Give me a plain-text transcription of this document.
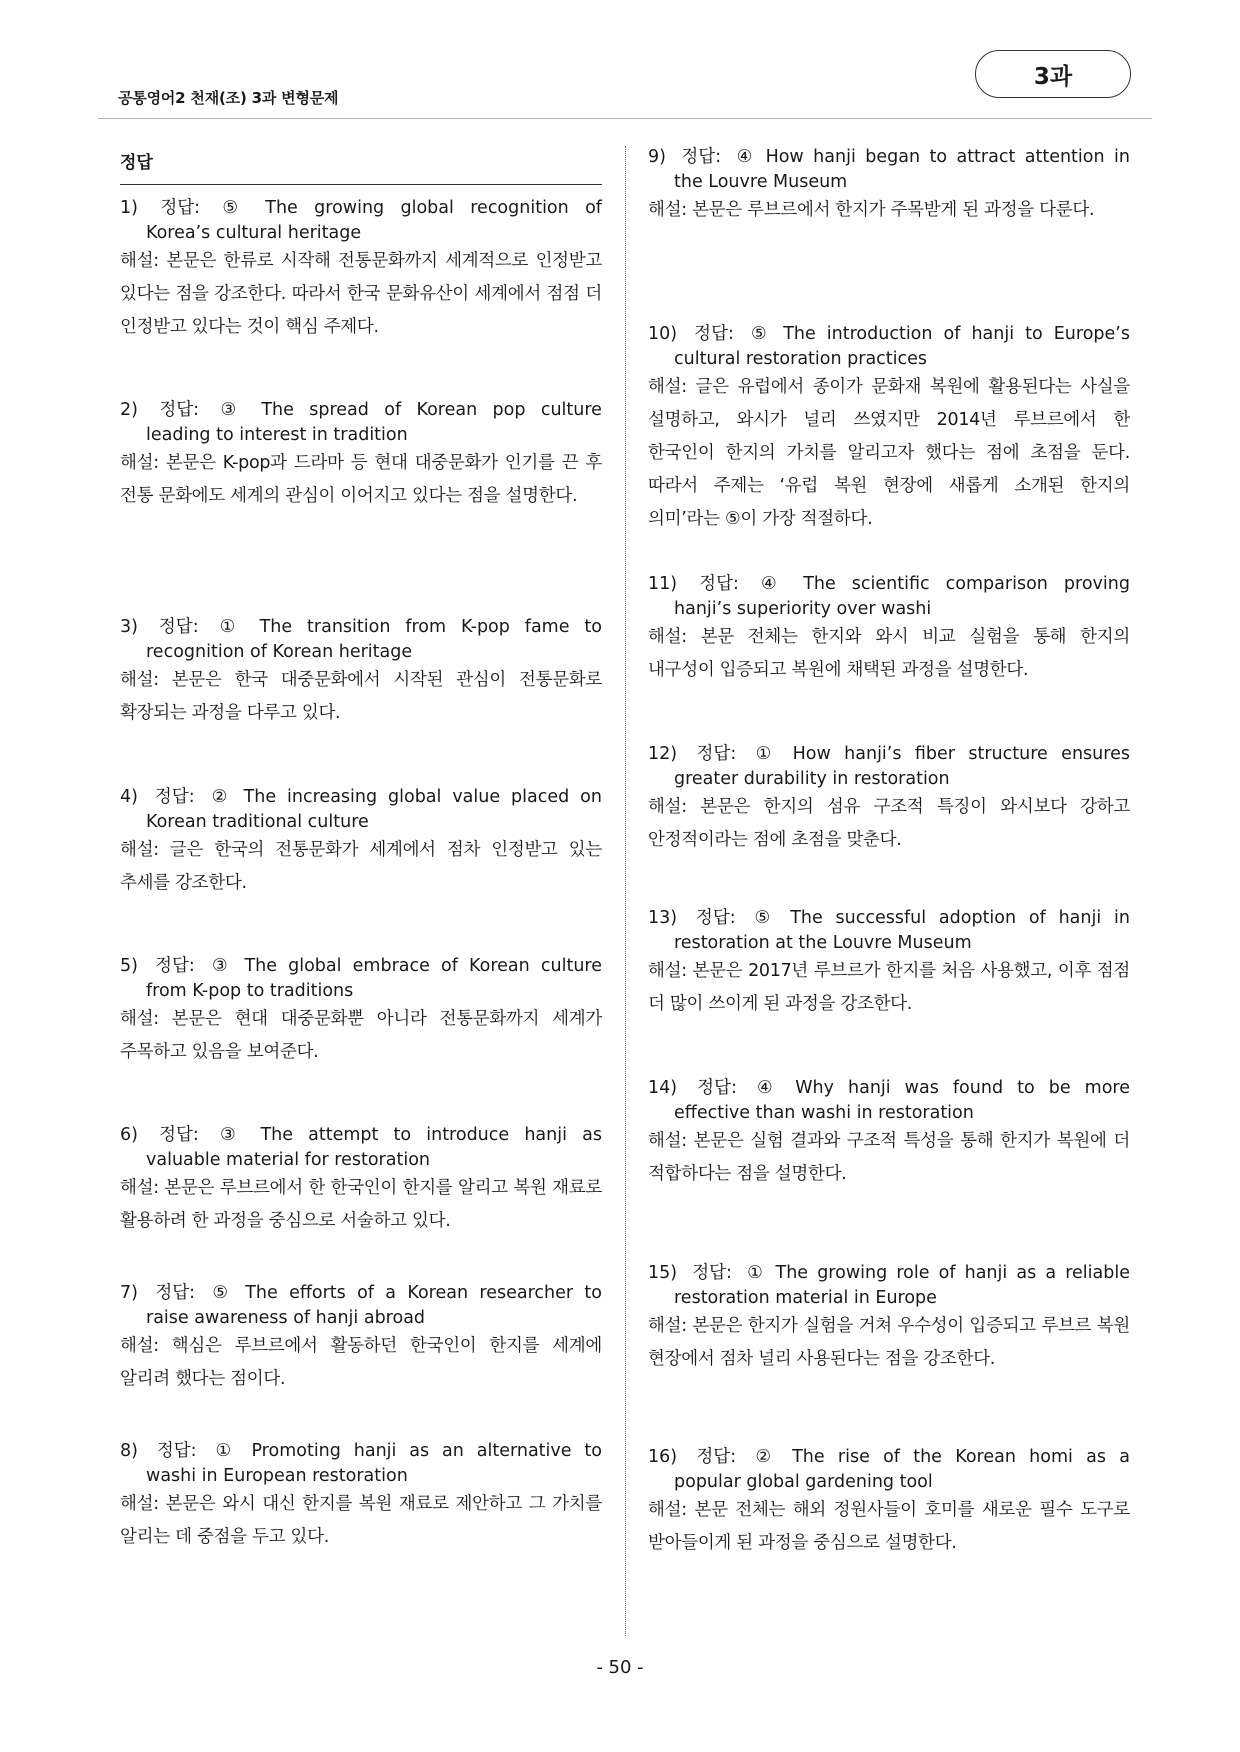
공통영어2 천재(조) 3과 변형문제
3과
정답
1) 정답: ⑤ The growing global recognition of
Korea’s cultural heritage
해설: 본문은 한류로 시작해 전통문화까지 세계적으로 인정받고 있다는 점을 강조한다. 따라서 한국 문화유산이 세계에서 점점 더 인정받고 있다는 것이 핵심 주제다.
2) 정답: ③ The spread of Korean pop culture
leading to interest in tradition
해설: 본문은 K-pop과 드라마 등 현대 대중문화가 인기를 끈 후 전통 문화에도 세계의 관심이 이어지고 있다는 점을 설명한다.
3) 정답: ① The transition from K-pop fame to
recognition of Korean heritage
해설: 본문은 한국 대중문화에서 시작된 관심이 전통문화로 확장되는 과정을 다루고 있다.
4) 정답: ② The increasing global value placed on
Korean traditional culture
해설: 글은 한국의 전통문화가 세계에서 점차 인정받고 있는 추세를 강조한다.
5) 정답: ③ The global embrace of Korean culture
from K-pop to traditions
해설: 본문은 현대 대중문화뿐 아니라 전통문화까지 세계가 주목하고 있음을 보여준다.
6) 정답: ③ The attempt to introduce hanji as
valuable material for restoration
해설: 본문은 루브르에서 한 한국인이 한지를 알리고 복원 재료로 활용하려 한 과정을 중심으로 서술하고 있다.
7) 정답: ⑤ The efforts of a Korean researcher to
raise awareness of hanji abroad
해설: 핵심은 루브르에서 활동하던 한국인이 한지를 세계에 알리려 했다는 점이다.
8) 정답: ① Promoting hanji as an alternative to
washi in European restoration
해설: 본문은 와시 대신 한지를 복원 재료로 제안하고 그 가치를 알리는 데 중점을 두고 있다.
9) 정답: ④ How hanji began to attract attention in
the Louvre Museum
해설: 본문은 루브르에서 한지가 주목받게 된 과정을 다룬다.
10) 정답: ⑤ The introduction of hanji to Europe’s
cultural restoration practices
해설: 글은 유럽에서 종이가 문화재 복원에 활용된다는 사실을 설명하고, 와시가 널리 쓰였지만 2014년 루브르에서 한 한국인이 한지의 가치를 알리고자 했다는 점에 초점을 둔다. 따라서 주제는 ‘유럽 복원 현장에 새롭게 소개된 한지의 의미’라는 ⑤이 가장 적절하다.
11) 정답: ④ The scientific comparison proving
hanji’s superiority over washi
해설: 본문 전체는 한지와 와시 비교 실험을 통해 한지의 내구성이 입증되고 복원에 채택된 과정을 설명한다.
12) 정답: ① How hanji’s fiber structure ensures
greater durability in restoration
해설: 본문은 한지의 섬유 구조적 특징이 와시보다 강하고 안정적이라는 점에 초점을 맞춘다.
13) 정답: ⑤ The successful adoption of hanji in
restoration at the Louvre Museum
해설: 본문은 2017년 루브르가 한지를 처음 사용했고, 이후 점점 더 많이 쓰이게 된 과정을 강조한다.
14) 정답: ④ Why hanji was found to be more
effective than washi in restoration
해설: 본문은 실험 결과와 구조적 특성을 통해 한지가 복원에 더 적합하다는 점을 설명한다.
15) 정답: ① The growing role of hanji as a reliable
restoration material in Europe
해설: 본문은 한지가 실험을 거쳐 우수성이 입증되고 루브르 복원 현장에서 점차 널리 사용된다는 점을 강조한다.
16) 정답: ② The rise of the Korean homi as a
popular global gardening tool
해설: 본문 전체는 해외 정원사들이 호미를 새로운 필수 도구로 받아들이게 된 과정을 중심으로 설명한다.
- 50 -
